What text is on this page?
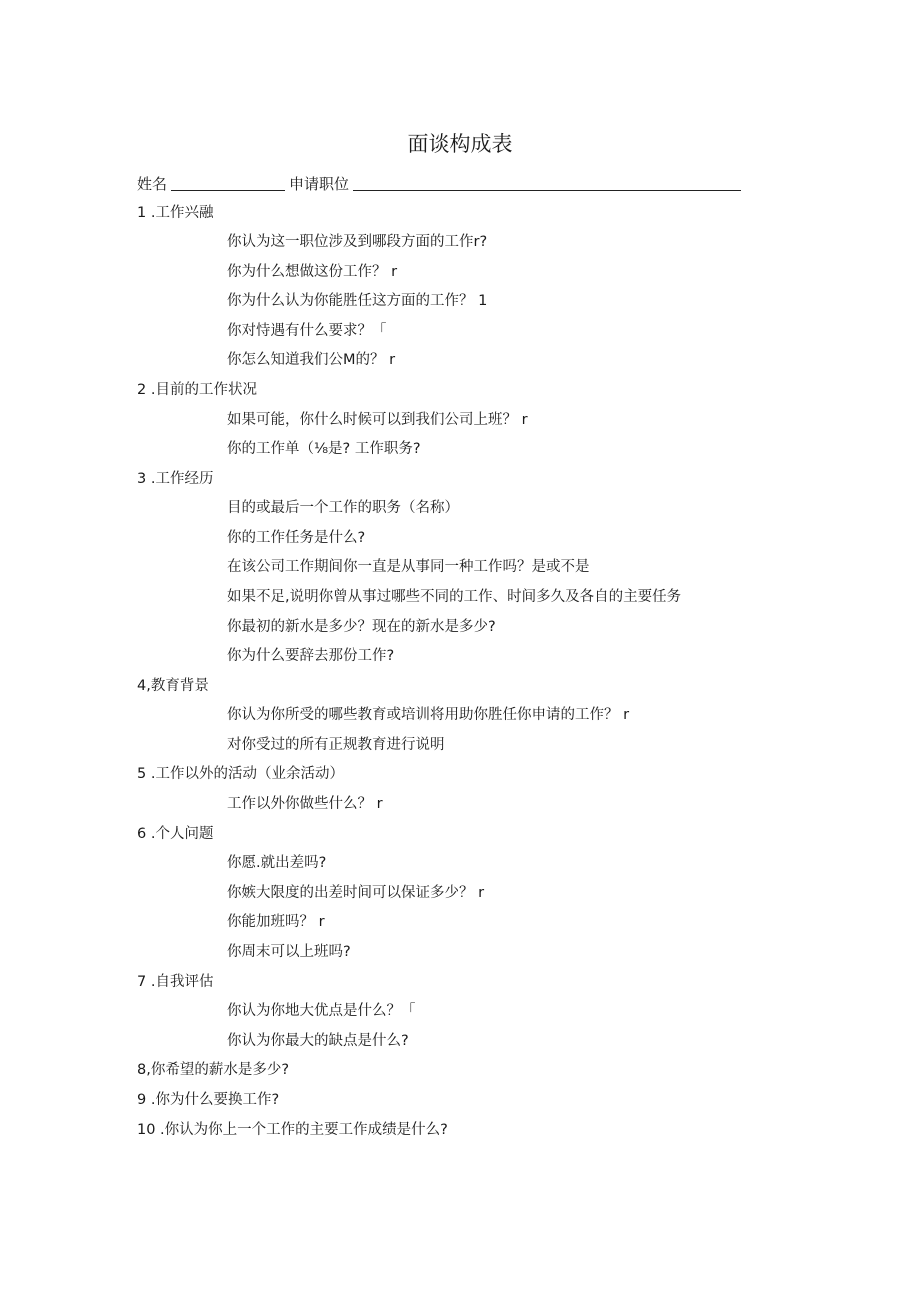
面谈构成表
姓名	申请职位
1 .工作兴融
你认为这一职位涉及到哪段方面的工作r?
你为什么想做这份工作？ r
你为什么认为你能胜任这方面的工作？ 1
你对恃遇有什么要求？「
你怎么知道我们公M的？ r
2 .目前的工作状况
如果可能，你什么时候可以到我们公司上班？ r
你的工作单（⅛是? 工作职务?
3 .工作经历
目的或最后一个工作的职务（名称）
你的工作任务是什么?
在该公司工作期间你一直是从事同一种工作吗？是或不是
如果不足,说明你曾从事过哪些不同的工作、时间多久及各自的主要任务
你最初的新水是多少？现在的新水是多少?
你为什么要辞去那份工作?
4,教育背景
你认为你所受的哪些教育或培训将用助你胜任你申请的工作？ r
对你受过的所有正规教育进行说明
5 .工作以外的活动（业余活动）
工作以外你做些什么？ r
6 .个人问题
你愿.就出差吗?
你嫉大限度的出差时间可以保证多少？ r
你能加班吗？ r
你周末可以上班吗?
7 .自我评估
你认为你地大优点是什么？「
你认为你最大的缺点是什么?
8,你希望的薪水是多少?
9 .你为什么要换工作?
10 .你认为你上一个工作的主要工作成绩是什么?
